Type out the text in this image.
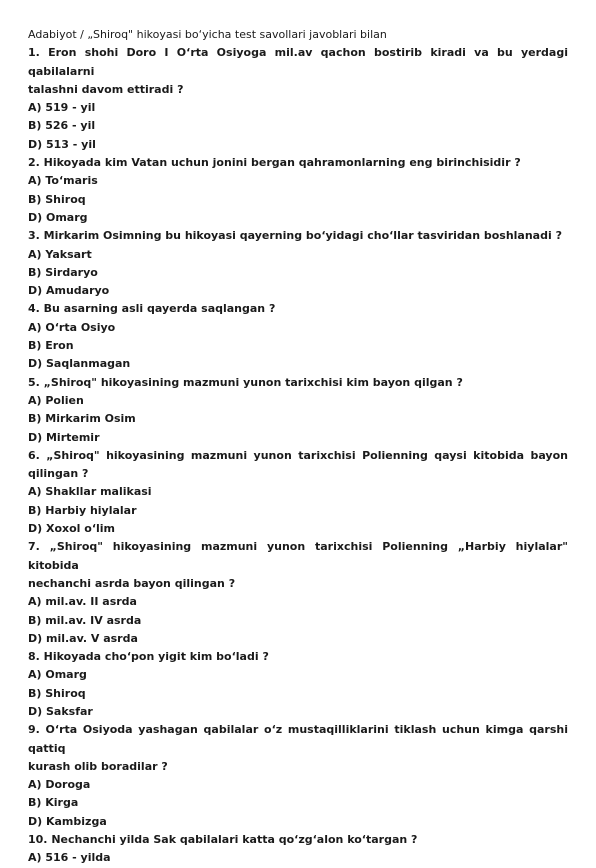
Adabiyot / „Shiroq" hikoyasi bo‘yicha test savollari javoblari bilan

1. Eron shohi Doro I O‘rta Osiyoga mil.av qachon bostirib kiradi va bu yerdagi qabilalarni

talashni davom ettiradi ?

A) 519 - yil

B) 526 - yil

D) 513 - yil

2. Hikoyada kim Vatan uchun jonini bergan qahramonlarning eng birinchisidir ?

A) To‘maris

B) Shiroq

D) Omarg

3. Mirkarim Osimning bu hikoyasi qayerning bo‘yidagi cho‘llar tasviridan boshlanadi ?

A) Yaksart

B) Sirdaryo

D) Amudaryo

4. Bu asarning asli qayerda saqlangan ?

A) O‘rta Osiyo

B) Eron

D) Saqlanmagan

5. „Shiroq" hikoyasining mazmuni yunon tarixchisi kim bayon qilgan ?

A) Polien

B) Mirkarim Osim

D) Mirtemir

6. „Shiroq" hikoyasining mazmuni yunon tarixchisi Polienning qaysi kitobida bayon

qilingan ?

A) Shakllar malikasi

B) Harbiy hiylalar

D) Xoxol o‘lim

7. „Shiroq" hikoyasining mazmuni yunon tarixchisi Polienning „Harbiy hiylalar" kitobida

nechanchi asrda bayon qilingan ?

A) mil.av. II asrda

B) mil.av. IV asrda

D) mil.av. V asrda

8. Hikoyada cho‘pon yigit kim bo‘ladi ?

A) Omarg

B) Shiroq

D) Saksfar

9. O‘rta Osiyoda yashagan qabilalar o‘z mustaqilliklarini tiklash uchun kimga qarshi qattiq

kurash olib boradilar ?

A) Doroga

B) Kirga

D) Kambizga

10. Nechanchi yilda Sak qabilalari katta qo‘zg‘alon ko‘targan ?

A) 516 - yilda
